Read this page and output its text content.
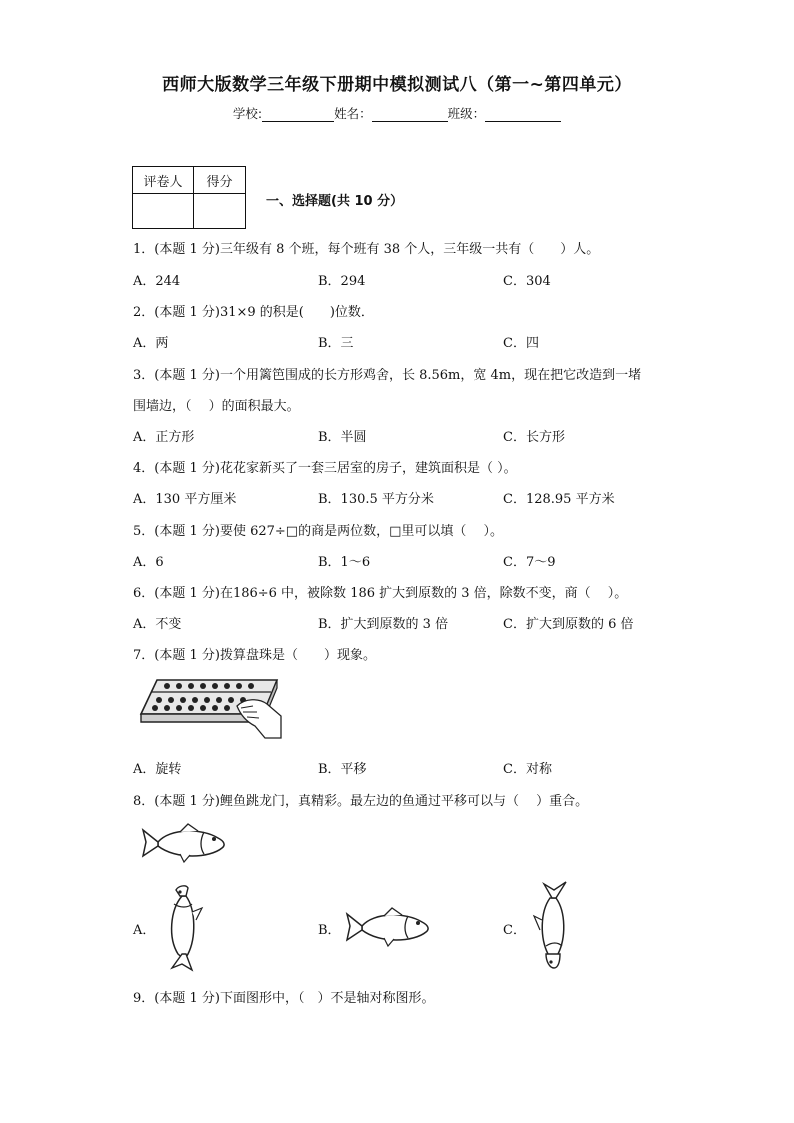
西师大版数学三年级下册期中模拟测试八（第一~第四单元）
学校:	姓名：	班级：
评卷人	得分

一、选择题(共 10 分）
1．(本题 1 分)三年级有 8 个班，每个班有 38 个人，三年级一共有（　　）人。
A．244	B．294	C．304
2．(本题 1 分)31×9 的积是(　　)位数．
A．两	B．三	C．四
3．(本题 1 分)一个用篱笆围成的长方形鸡舍，长 8.56m，宽 4m，现在把它改造到一堵
围墙边，（　 ）的面积最大。
A．正方形	B．半圆	C．长方形
4．(本题 1 分)花花家新买了一套三居室的房子，建筑面积是（ ）。
A．130 平方厘米	B．130.5 平方分米	C．128.95 平方米
5．(本题 1 分)要使 627÷□的商是两位数，□里可以填（　 ）。
A．6	B．1～6	C．7～9
6．(本题 1 分)在186÷6 中，被除数 186 扩大到原数的 3 倍，除数不变，商（　 ）。
A．不变	B．扩大到原数的 3 倍	C．扩大到原数的 6 倍
7．(本题 1 分)拨算盘珠是（　　）现象。
A．旋转	B．平移	C．对称
8．(本题 1 分)鲤鱼跳龙门，真精彩。最左边的鱼通过平移可以与（　 ）重合。
A．	B．	C．
9．(本题 1 分)下面图形中，（　）不是轴对称图形。
